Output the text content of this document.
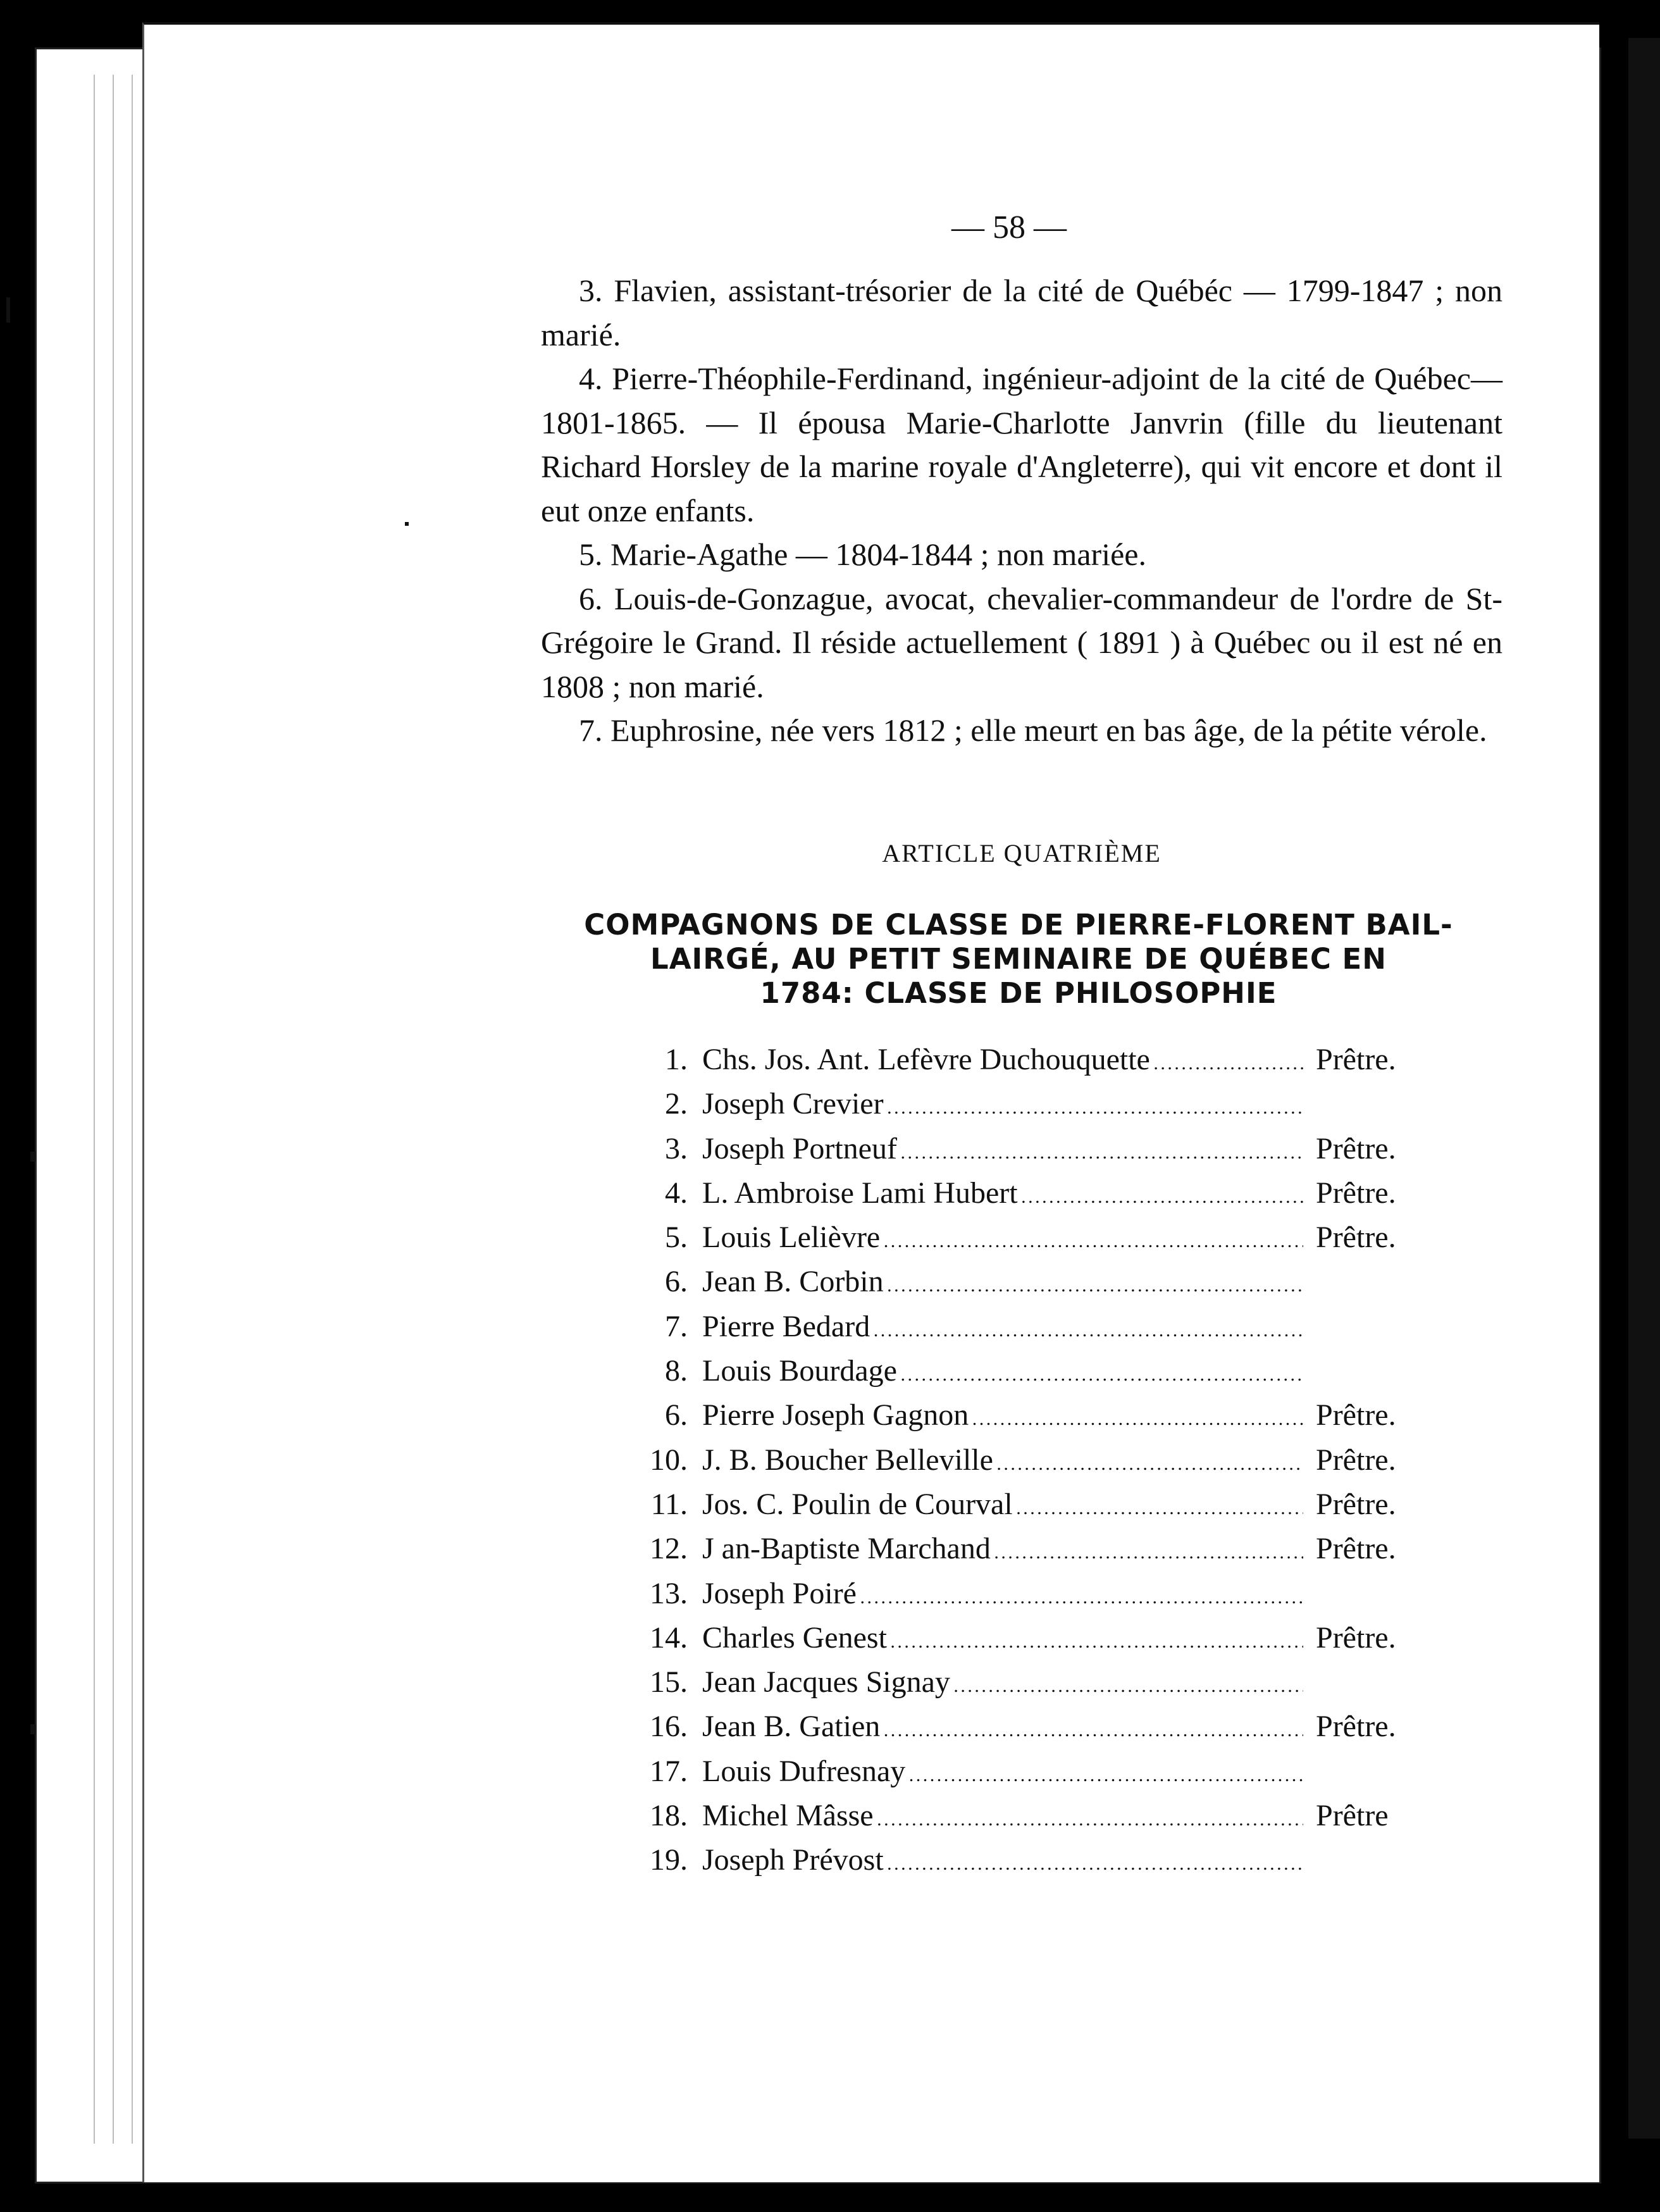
— 58 —

3. Flavien, assistant-trésorier de la cité de Québéc — 1799-1847 ; non marié.

4. Pierre-Théophile-Ferdinand, ingénieur-adjoint de la cité de Québec—1801-1865. — Il épousa Marie-Charlotte Janvrin (fille du lieutenant Richard Horsley de la marine royale d'Angleterre), qui vit encore et dont il eut onze enfants.

5. Marie-Agathe — 1804-1844 ; non mariée.

6. Louis-de-Gonzague, avocat, chevalier-commandeur de l'ordre de St-Grégoire le Grand. Il réside actuellement ( 1891 ) à Québec ou il est né en 1808 ; non marié.

7. Euphrosine, née vers 1812 ; elle meurt en bas âge, de la pétite vérole.

ARTICLE QUATRIÈME
COMPAGNONS DE CLASSE DE PIERRE-FLORENT BAIL-
LAIRGÉ, AU PETIT SEMINAIRE DE QUÉBEC EN
1784: CLASSE DE PHILOSOPHIE
1. Chs. Jos. Ant. Lefèvre Duchouquette . . .	Prêtre.
2. Joseph Crevier . . .
3. Joseph Portneuf . . .	Prêtre.
4. L. Ambroise Lami Hubert . . .	Prêtre.
5. Louis Lelièvre . . .	Prêtre.
6. Jean B. Corbin . . .
7. Pierre Bedard . . .
8. Louis Bourdage . . .
6. Pierre Joseph Gagnon . . .	Prêtre.
10. J. B. Boucher Belleville . . .	Prêtre.
11. Jos. C. Poulin de Courval . . .	Prêtre.
12. J an-Baptiste Marchand . . .	Prêtre.
13. Joseph Poiré . . .
14. Charles Genest . . .	Prêtre.
15. Jean Jacques Signay . . .
16. Jean B. Gatien . . .	Prêtre.
17. Louis Dufresnay . . .
18. Michel Mâsse . . .	Prêtre
19. Joseph Prévost . . .
